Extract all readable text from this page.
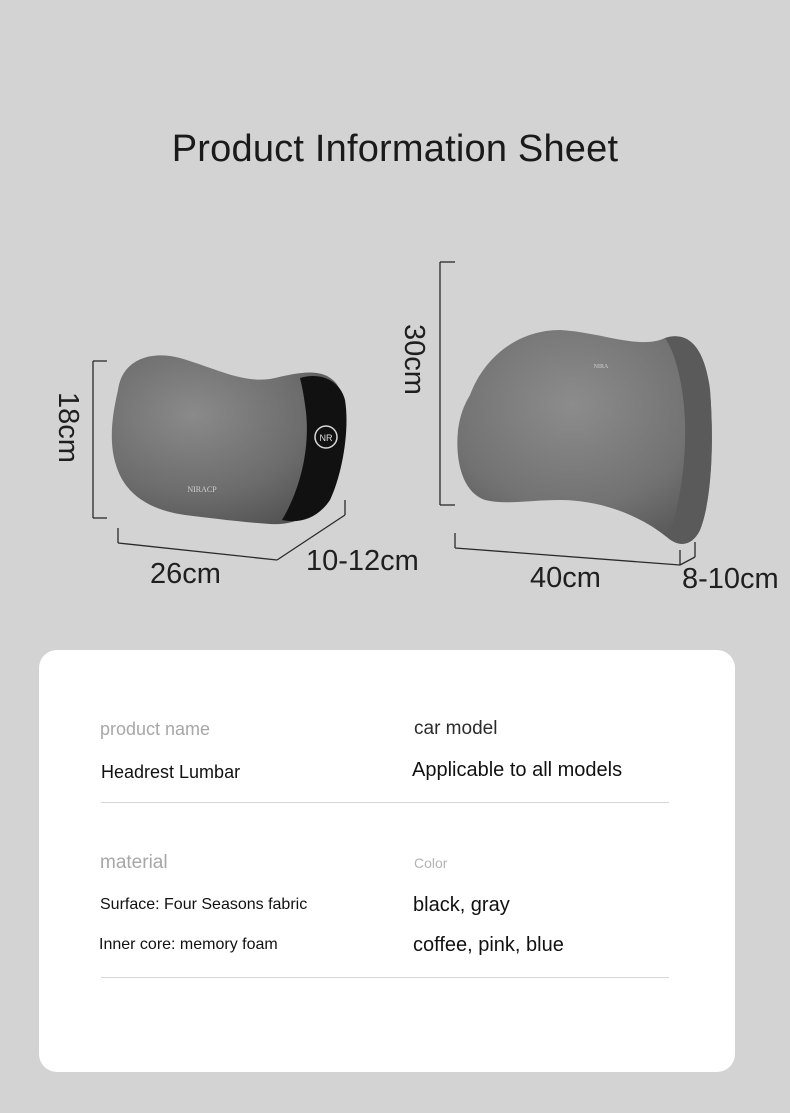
Product Information Sheet
NR
NIRACP
NIRA
18cm
26cm	10-12cm
30cm
40cm	8-10cm
product name
Headrest Lumbar
car model
Applicable to all models
material
Surface: Four Seasons fabric
Inner core: memory foam
Color
black, gray
coffee, pink, blue
